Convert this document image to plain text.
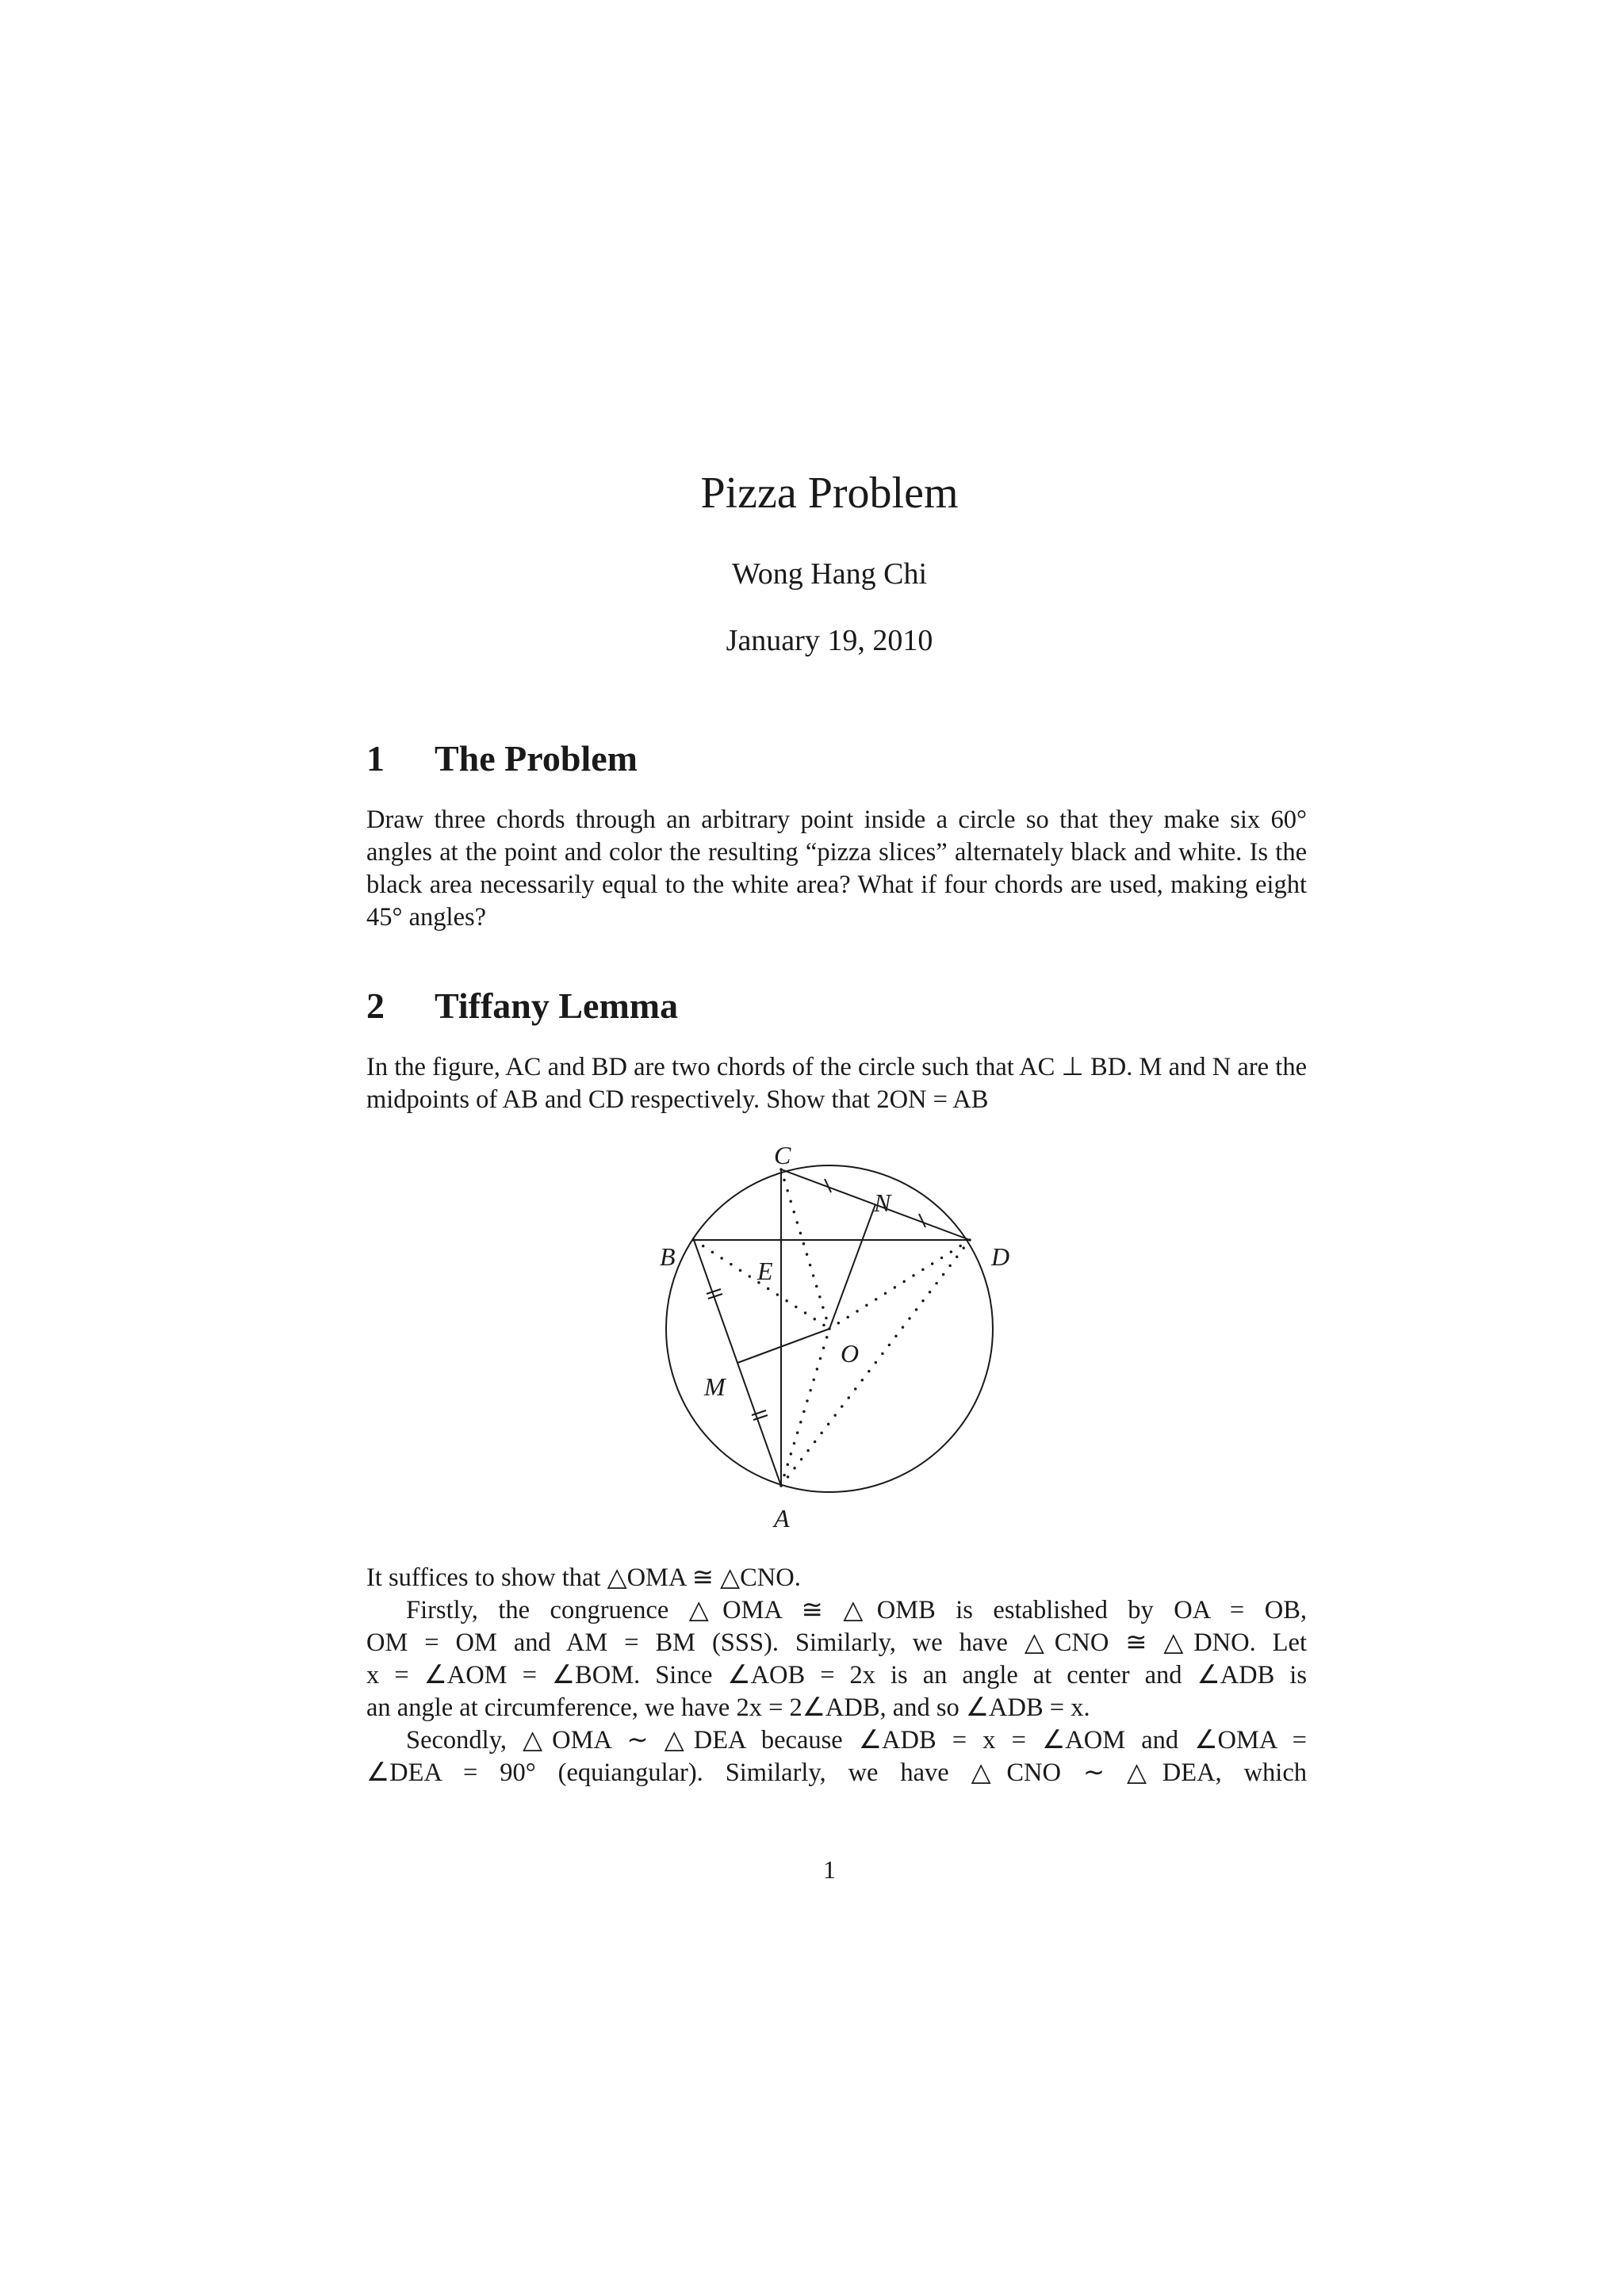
Pizza Problem
Wong Hang Chi
January 19, 2010
1 The Problem

Draw three chords through an arbitrary point inside a circle so that they make six 60° angles at the point and color the resulting “pizza slices” alternately black and white. Is the black area necessarily equal to the white area? What if four chords are used, making eight 45° angles?

2 Tiffany Lemma

In the figure, AC and BD are two chords of the circle such that AC ⊥ BD. M and N are the midpoints of AB and CD respectively. Show that 2ON = AB

C
N
B	D
E
O
M
A
It suffices to show that △OMA ≅ △CNO.
Firstly, the congruence △OMA ≅ △OMB is established by OA = OB,
OM = OM and AM = BM (SSS). Similarly, we have △CNO ≅ △DNO. Let
x = ∠AOM = ∠BOM. Since ∠AOB = 2x is an angle at center and ∠ADB is
an angle at circumference, we have 2x = 2∠ADB, and so ∠ADB = x.
Secondly, △OMA ∼ △DEA because ∠ADB = x = ∠AOM and ∠OMA =
∠DEA = 90° (equiangular). Similarly, we have △CNO ∼ △DEA, which
1
